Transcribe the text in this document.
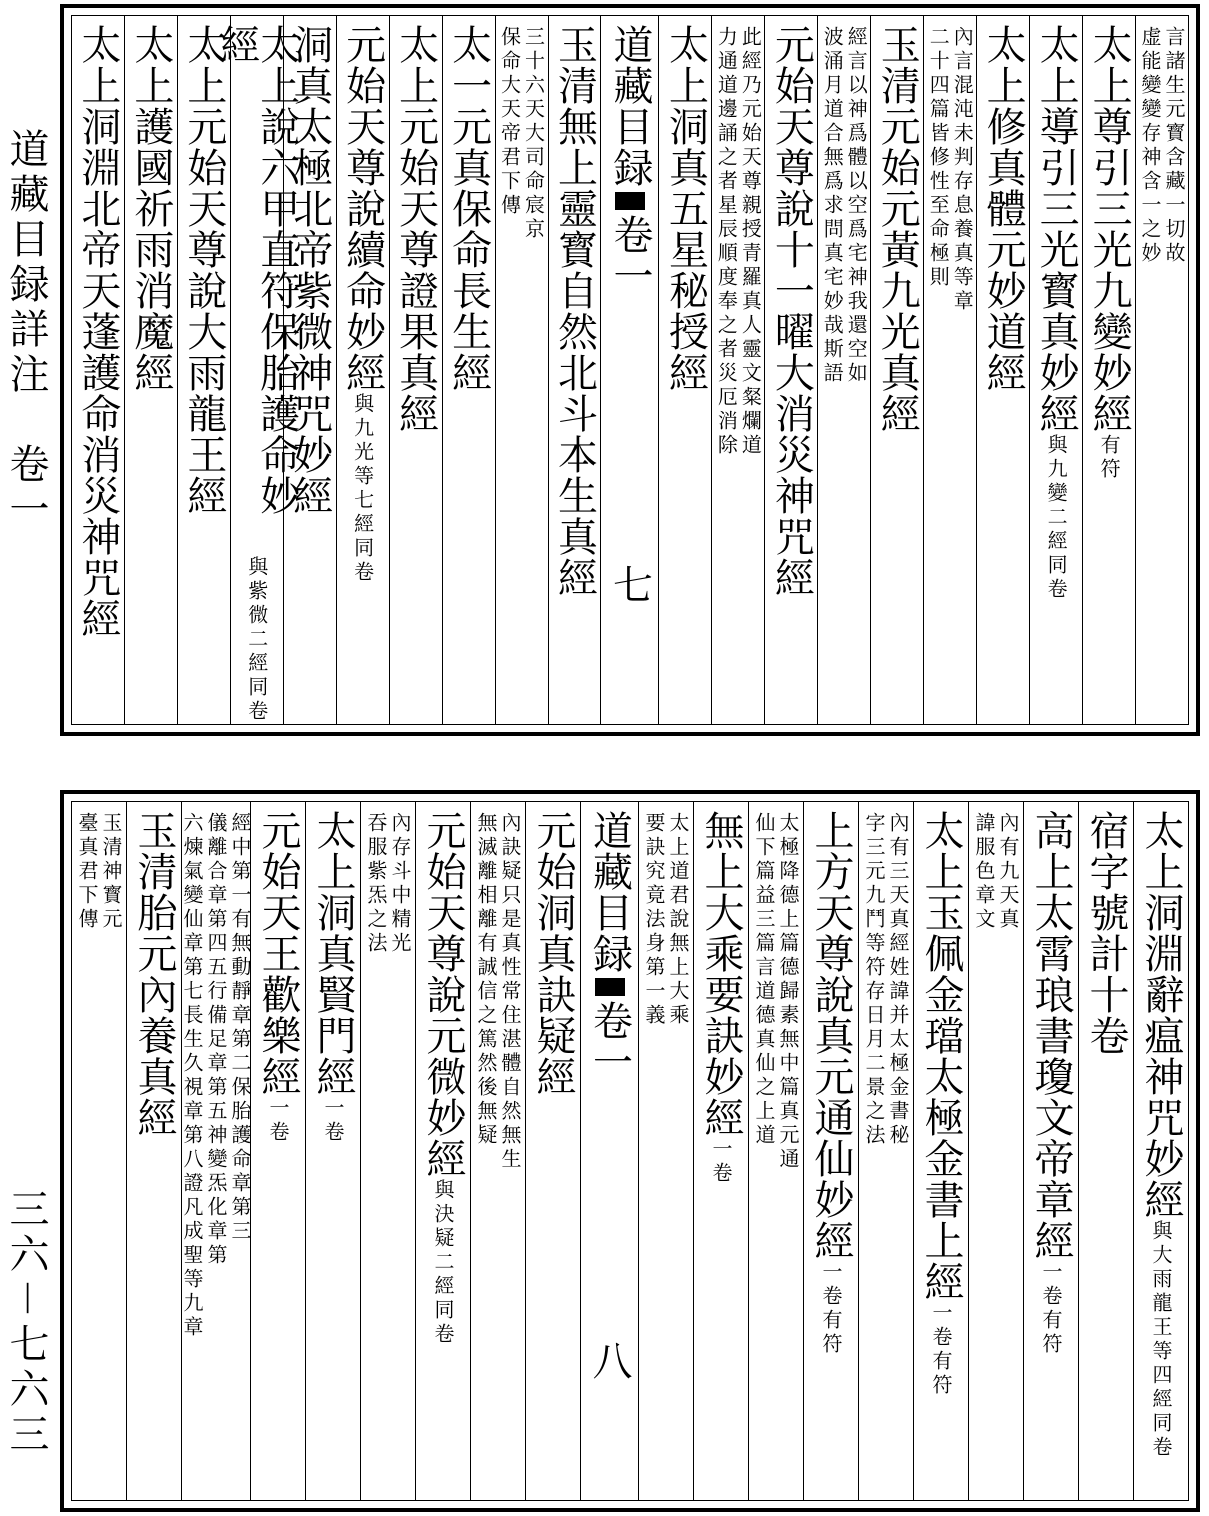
道藏目録詳注　卷一
三六－七六三
言諸生元寳含藏一切故
虚能變變存神含一之妙
太上尊引三光九變妙經
有符
太上導引三光寳真妙經
與九變二經同卷
太上修真體元妙道經
內言混沌未判存息養真等章
二十四篇皆修性至命極則
玉清元始元黃九光真經
經言以神爲體以空爲宅神我還空如
波涌月道合無爲求問真宅妙哉斯語
元始天尊說十一曜大消災神咒經
此經乃元始天尊親授青羅真人靈文粲爛道
力通道邊誦之者星辰順度奉之者災厄消除
太上洞真五星秘授經
道藏目録
卷一
七
玉清無上靈寳自然北斗本生真經
三十六天大司命宸京
保命大天帝君下傳
太一元真保命長生經
太上元始天尊證果真經
元始天尊說續命妙經
與九光等七經同卷
洞真太極北帝紫微神咒妙經
太上說六甲直符保胎護命妙經
與紫微二經同卷
太上元始天尊說大雨龍王經
太上護國祈雨消魔經
太上洞淵北帝天蓬護命消災神咒經
太上洞淵辭瘟神咒妙經
與大雨龍王等四經同卷
宿字號計十卷
高上太霄琅書瓊文帝章經
一卷有符
內有九天真
諱服色章文
太上玉佩金璫太極金書上經
一卷有符
內有三天真經姓諱并太極金書秘
字三元九鬥等符存日月二景之法
上方天尊說真元通仙妙經
一卷有符
太極降德上篇德歸素無中篇真元通
仙下篇益三篇言道德真仙之上道
無上大乘要訣妙經
一卷
太上道君說無上大乘
要訣究竟法身第一義
道藏目録
卷一
八
元始洞真訣疑經
內訣疑只是真性常住湛體自然無生
無滅離相離有誠信之篤然後無疑
元始天尊說元微妙經
與決疑二經同卷
內存斗中精光
吞服紫炁之法
太上洞真賢門經
一卷
元始天王歡樂經
一卷
經中第一有無動靜章第二保胎護命章第三
儀離合章第四五行備足章第五神變炁化章第
六煉氣變仙章第七長生久視章第八證凡成聖等九章
玉清胎元內養真經
玉清神寳元
臺真君下傳
